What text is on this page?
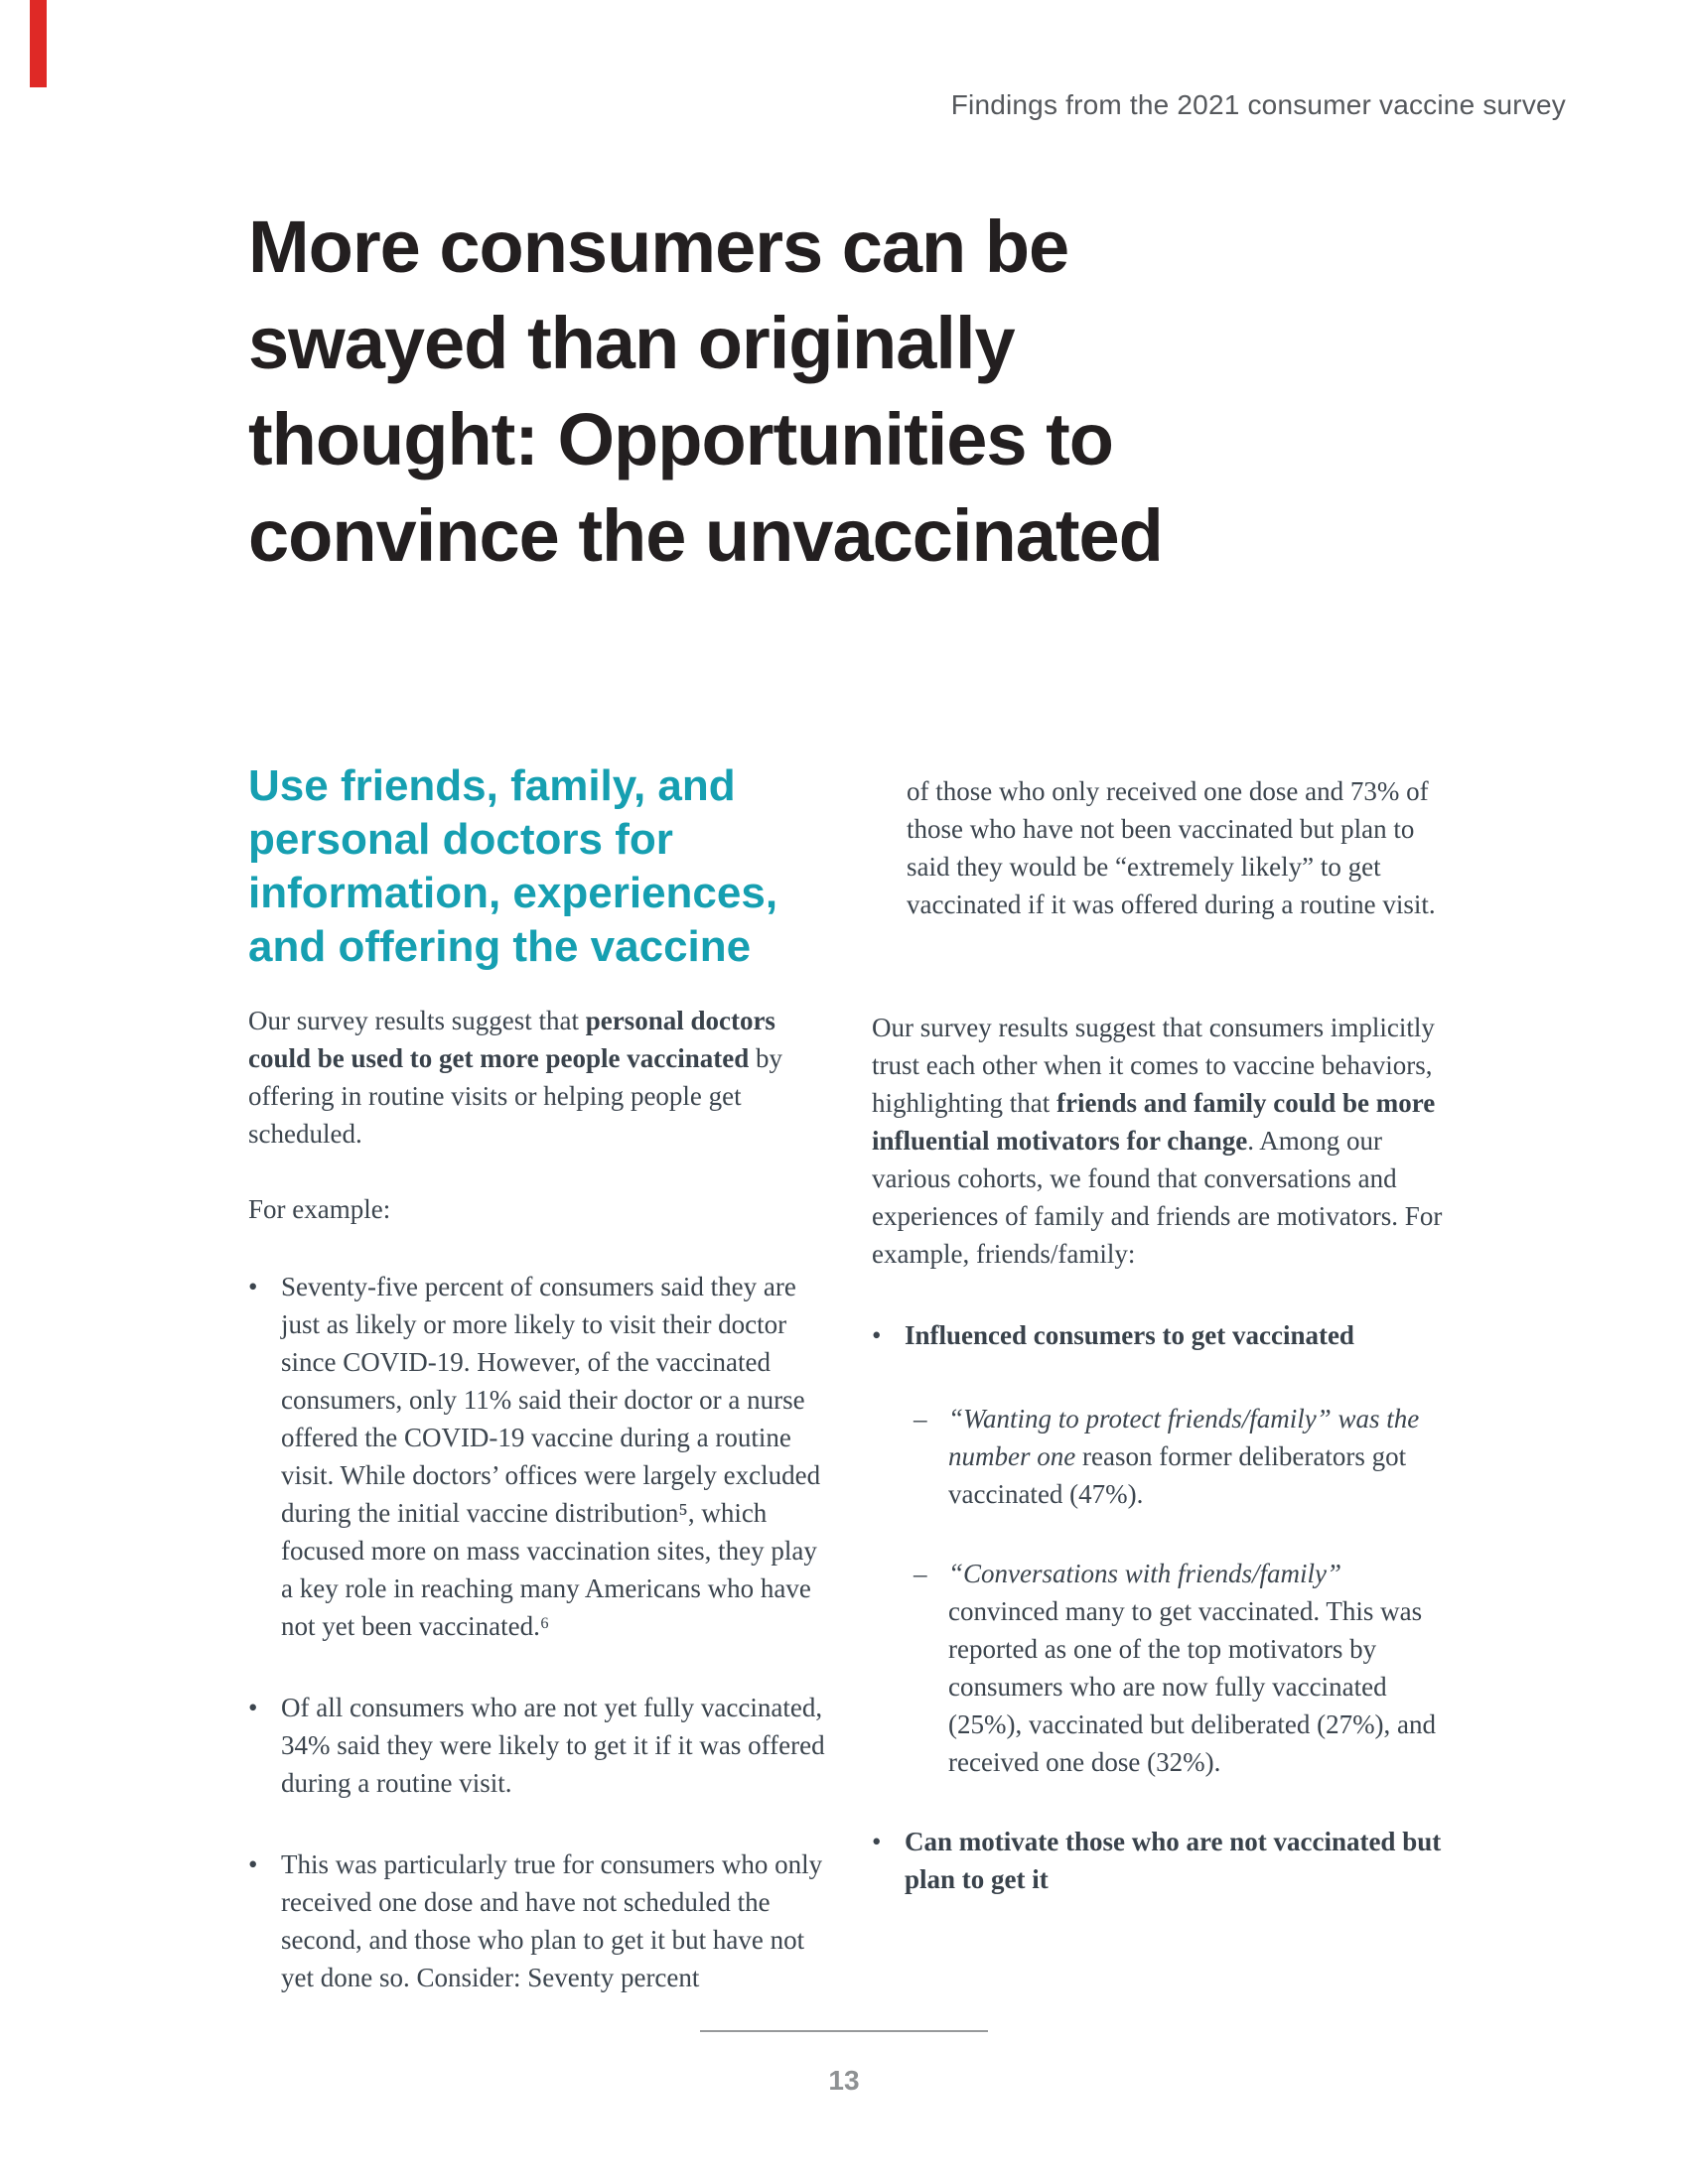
Findings from the 2021 consumer vaccine survey
More consumers can be
swayed than originally
thought: Opportunities to
convince the unvaccinated
Use friends, family, and
personal doctors for
information, experiences,
and offering the vaccine

Our survey results suggest that personal doctors could be used to get more people vaccinated by offering in routine visits or helping people get scheduled.

For example:

• Seventy-five percent of consumers said they are just as likely or more likely to visit their doctor since COVID-19. However, of the vaccinated consumers, only 11% said their doctor or a nurse offered the COVID-19 vaccine during a routine visit. While doctors’ offices were largely excluded during the initial vaccine distribution⁵, which focused more on mass vaccination sites, they play a key role in reaching many Americans who have not yet been vaccinated.⁶
• Of all consumers who are not yet fully vaccinated, 34% said they were likely to get it if it was offered during a routine visit.
• This was particularly true for consumers who only received one dose and have not scheduled the second, and those who plan to get it but have not yet done so. Consider: Seventy percent

of those who only received one dose and 73% of those who have not been vaccinated but plan to said they would be “extremely likely” to get vaccinated if it was offered during a routine visit.

Our survey results suggest that consumers implicitly trust each other when it comes to vaccine behaviors, highlighting that friends and family could be more influential motivators for change. Among our various cohorts, we found that conversations and experiences of family and friends are motivators. For example, friends/family:

• Influenced consumers to get vaccinated
– “Wanting to protect friends/family” was the number one reason former deliberators got vaccinated (47%).
– “Conversations with friends/family” convinced many to get vaccinated. This was reported as one of the top motivators by consumers who are now fully vaccinated (25%), vaccinated but deliberated (27%), and received one dose (32%).
• Can motivate those who are not vaccinated but plan to get it
13
